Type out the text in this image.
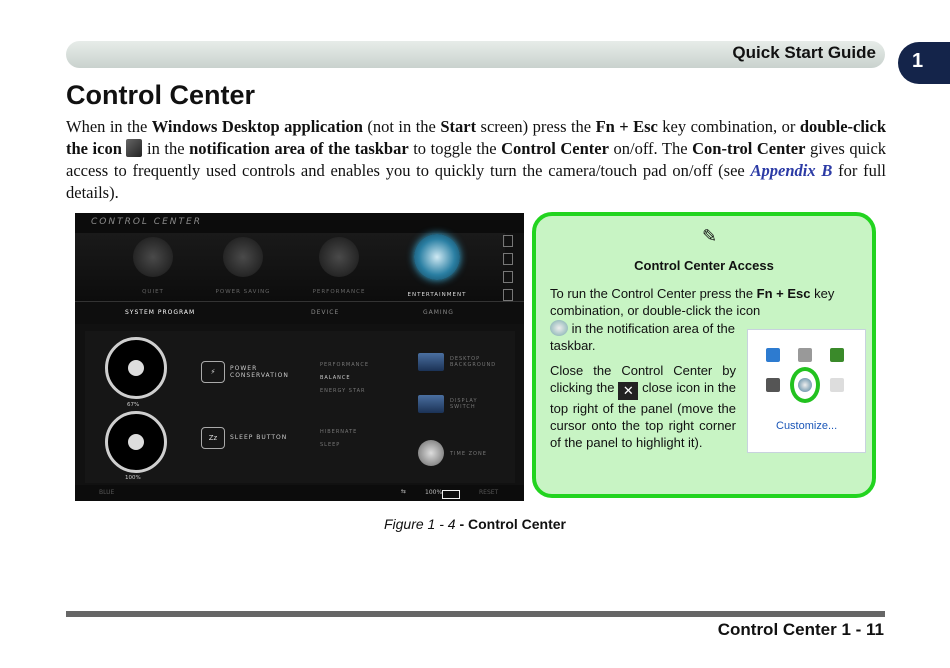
Quick Start Guide 1
Control Center

When in the Windows Desktop application (not in the Start screen) press the Fn + Esc key combination, or double-click the icon  in the notification area of the taskbar to toggle the Control Center on/off. The Con-trol Center gives quick access to frequently used controls and enables you to quickly turn the camera/touch pad on/off (see Appendix B for full details).

CONTROL CENTER
QUIET	POWER SAVING	PERFORMANCE	ENTERTAINMENT
SYSTEM PROGRAM	DEVICE	GAMING
67%
100%
⚡	POWER CONSERVATION
PERFORMANCE
BALANCE
ENERGY STAR
Zz	SLEEP BUTTON
HIBERNATE
SLEEP
DESKTOP BACKGROUND
DISPLAY SWITCH
TIME ZONE
BLUE	⇆	100%	RESET
✎
Control Center Access

To run the Control Center press the Fn + Esc key combination, or double-click the icon

in the notification area of the taskbar.

Close the Control Center by clicking the ✕ close icon in the top right of the panel (move the cursor onto the top right corner of the panel to highlight it).

Customize...
Figure 1 - 4 - Control Center
Control Center 1 - 11
